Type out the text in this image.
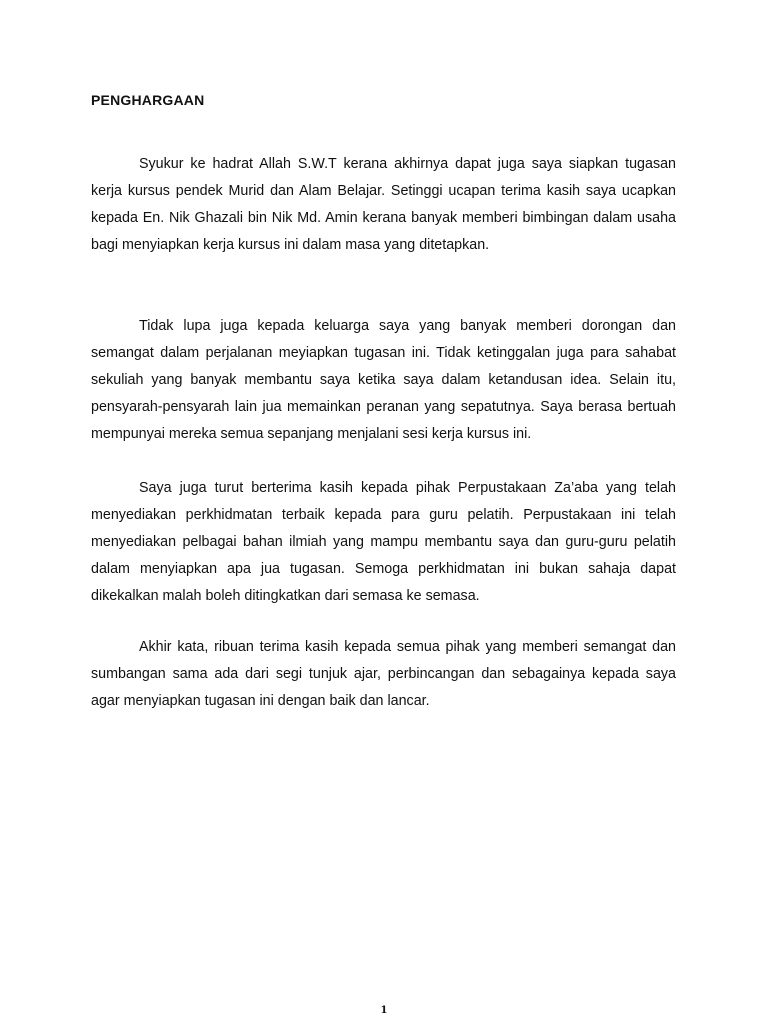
PENGHARGAAN

Syukur ke hadrat Allah S.W.T kerana akhirnya dapat juga saya siapkan tugasan kerja kursus pendek Murid dan Alam Belajar. Setinggi ucapan terima kasih saya ucapkan kepada En. Nik Ghazali bin Nik Md. Amin kerana banyak memberi bimbingan dalam usaha bagi menyiapkan kerja kursus ini dalam masa yang ditetapkan.

Tidak lupa juga kepada keluarga saya yang banyak memberi dorongan dan semangat dalam perjalanan meyiapkan tugasan ini. Tidak ketinggalan juga para sahabat sekuliah yang banyak membantu saya ketika saya dalam ketandusan idea. Selain itu, pensyarah-pensyarah lain jua memainkan peranan yang sepatutnya. Saya berasa bertuah mempunyai mereka semua sepanjang menjalani sesi kerja kursus ini.

Saya juga turut berterima kasih kepada pihak Perpustakaan Za’aba yang telah menyediakan perkhidmatan terbaik kepada para guru pelatih. Perpustakaan ini telah menyediakan pelbagai bahan ilmiah yang mampu membantu saya dan guru-guru pelatih dalam menyiapkan apa jua tugasan. Semoga perkhidmatan ini bukan sahaja dapat dikekalkan malah boleh ditingkatkan dari semasa ke semasa.

Akhir kata, ribuan terima kasih kepada semua pihak yang memberi semangat dan sumbangan sama ada dari segi tunjuk ajar, perbincangan dan sebagainya kepada saya agar menyiapkan tugasan ini dengan baik dan lancar.

1
